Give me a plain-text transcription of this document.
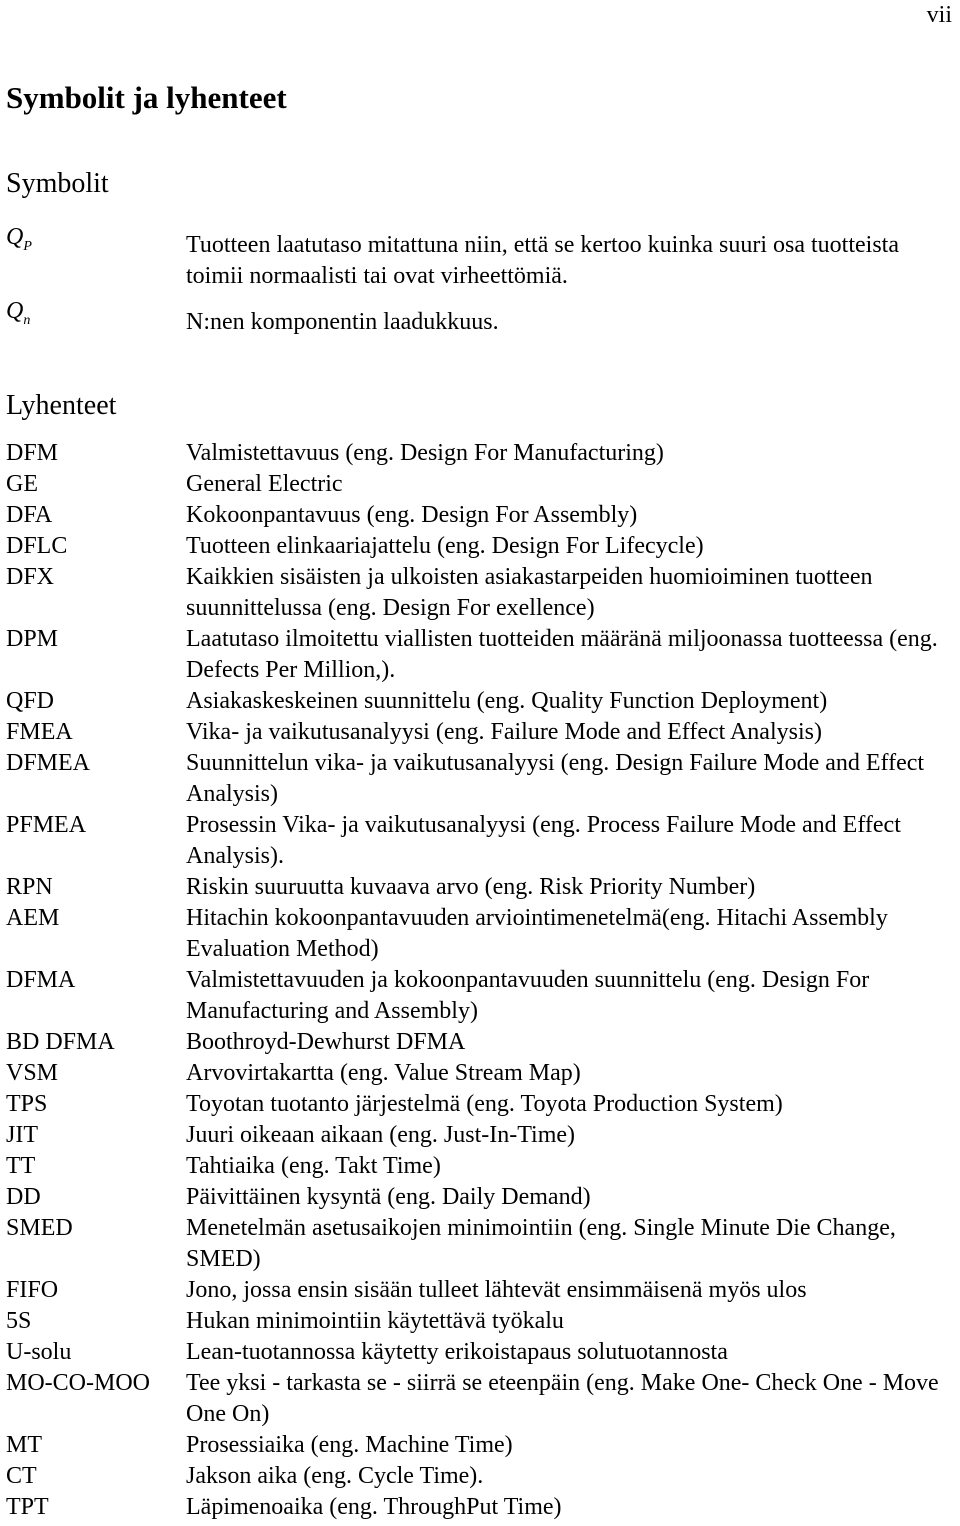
vii
Symbolit ja lyhenteet
Symbolit
$Q_P$	Tuotteen laatutaso mitattuna niin, että se kertoo kuinka suuri osa tuotteista toimii normaalisti tai ovat virheettömiä.
$Q_n$	N:nen komponentin laadukkuus.
Lyhenteet
DFM	Valmistettavuus (eng. Design For Manufacturing)
GE	General Electric
DFA	Kokoonpantavuus (eng. Design For Assembly)
DFLC	Tuotteen elinkaariajattelu (eng. Design For Lifecycle)
DFX	Kaikkien sisäisten ja ulkoisten asiakastarpeiden huomioiminen tuotteen suunnittelussa (eng. Design For exellence)
DPM	Laatutaso ilmoitettu viallisten tuotteiden määränä miljoonassa tuotteessa (eng. Defects Per Million,).
QFD	Asiakaskeskeinen suunnittelu (eng. Quality Function Deployment)
FMEA	Vika- ja vaikutusanalyysi (eng. Failure Mode and Effect Analysis)
DFMEA	Suunnittelun vika- ja vaikutusanalyysi (eng. Design Failure Mode and Effect Analysis)
PFMEA	Prosessin Vika- ja vaikutusanalyysi (eng. Process Failure Mode and Effect Analysis).
RPN	Riskin suuruutta kuvaava arvo (eng. Risk Priority Number)
AEM	Hitachin kokoonpantavuuden arviointimenetelmä(eng. Hitachi Assembly Evaluation Method)
DFMA	Valmistettavuuden ja kokoonpantavuuden suunnittelu (eng. Design For Manufacturing and Assembly)
BD DFMA	Boothroyd-Dewhurst DFMA
VSM	Arvovirtakartta (eng. Value Stream Map)
TPS	Toyotan tuotanto järjestelmä (eng. Toyota Production System)
JIT	Juuri oikeaan aikaan (eng. Just-In-Time)
TT	Tahtiaika (eng. Takt Time)
DD	Päivittäinen kysyntä (eng. Daily Demand)
SMED	Menetelmän asetusaikojen minimointiin (eng. Single Minute Die Change, SMED)
FIFO	Jono, jossa ensin sisään tulleet lähtevät ensimmäisenä myös ulos
5S	Hukan minimointiin käytettävä työkalu
U-solu	Lean-tuotannossa käytetty erikoistapaus solutuotannosta
MO-CO-MOO	Tee yksi - tarkasta se - siirrä se eteenpäin (eng. Make One- Check One - Move One On)
MT	Prosessiaika (eng. Machine Time)
CT	Jakson aika (eng. Cycle Time).
TPT	Läpimenoaika (eng. ThroughPut Time)
